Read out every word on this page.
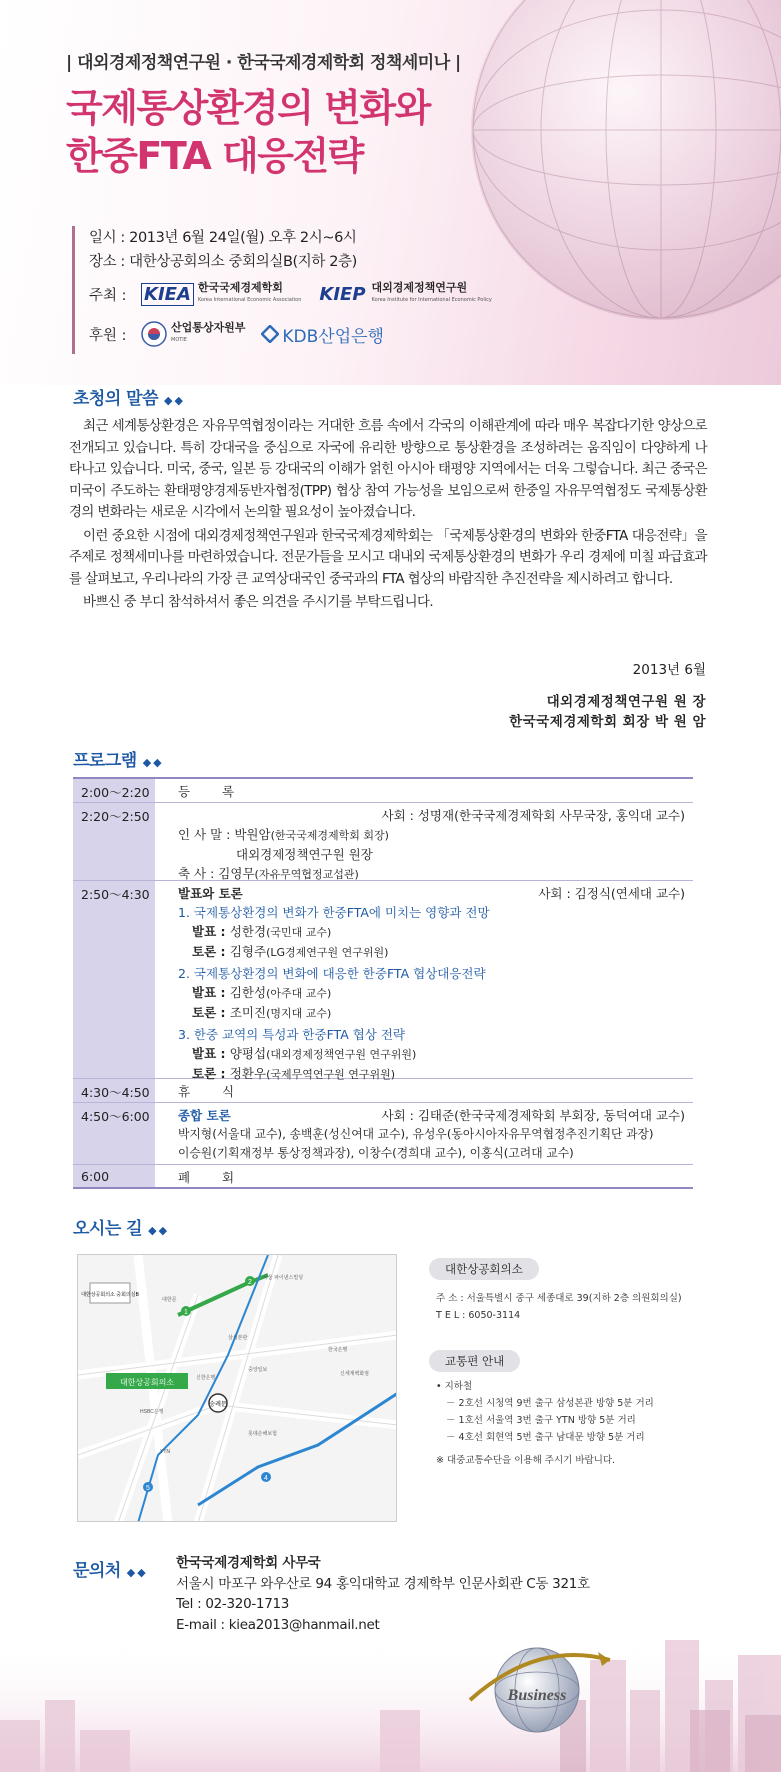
| 대외경제정책연구원 · 한국국제경제학회 정책세미나 |
국제통상환경의 변화와
한중FTA 대응전략
일시 : 2013년 6월 24일(월) 오후 2시~6시
장소 : 대한상공회의소 중회의실B(지하 2층)
주최 : KIEA 한국국제경제학회
Korea International Economic Association KIEP 대외경제정책연구원
Korea Institute for International Economic Policy
후원 :	산업통상자원부
MOTIE	KDB산업은행
초청의 말씀 ◆◆

최근 세계통상환경은 자유무역협정이라는 거대한 흐름 속에서 각국의 이해관계에 따라 매우 복잡다기한 양상으로 전개되고 있습니다. 특히 강대국을 중심으로 자국에 유리한 방향으로 통상환경을 조성하려는 움직임이 다양하게 나타나고 있습니다. 미국, 중국, 일본 등 강대국의 이해가 얽힌 아시아 태평양 지역에서는 더욱 그렇습니다. 최근 중국은 미국이 주도하는 환태평양경제동반자협정(TPP) 협상 참여 가능성을 보임으로써 한중일 자유무역협정도 국제통상환경의 변화라는 새로운 시각에서 논의할 필요성이 높아졌습니다.

이런 중요한 시점에 대외경제정책연구원과 한국국제경제학회는 「국제통상환경의 변화와 한중FTA 대응전략」을 주제로 정책세미나를 마련하였습니다. 전문가들을 모시고 대내외 국제통상환경의 변화가 우리 경제에 미칠 파급효과를 살펴보고, 우리나라의 가장 큰 교역상대국인 중국과의 FTA 협상의 바람직한 추진전략을 제시하려고 합니다.

바쁘신 중 부디 참석하셔서 좋은 의견을 주시기를 부탁드립니다.

2013년 6월
대외경제정책연구원 원 장
한국국제경제학회 회장 박 원 암
프로그램 ◆◆
2:00～2:20	등 록
2:20～2:50	사회 : 성명재(한국국제경제학회 사무국장, 홍익대 교수)
인 사 말 : 박원암(한국국제경제학회 회장)
대외경제정책연구원 원장
축 사 : 김영무(자유무역협정교섭관)
2:50～4:30	발표와 토론	사회 : 김정식(연세대 교수)
1. 국제통상환경의 변화가 한중FTA에 미치는 영향과 전망
발표 : 성한경(국민대 교수)
토론 : 김형주(LG경제연구원 연구위원)
2. 국제통상환경의 변화에 대응한 한중FTA 협상대응전략
발표 : 김한성(아주대 교수)
토론 : 조미진(명지대 교수)
3. 한중 교역의 특성과 한중FTA 협상 전략
발표 : 양평섭(대외경제정책연구원 연구위원)
토론 : 정환우(국제무역연구원 연구위원)
4:30～4:50	휴 식
4:50～6:00	종합 토론	사회 : 김태준(한국국제경제학회 부회장, 동덕여대 교수)
박지형(서울대 교수), 송백훈(성신여대 교수), 유성우(동아시아자유무역협정추진기획단 과장)
이승원(기획재정부 통상정책과장), 이창수(경희대 교수), 이홍식(고려대 교수)
6:00	폐 회
오시는 길 ◆◆
대한상공회의소
숭례문
2
1
4
5
대한상공회의소 중회의실B
서울 파이낸스빌딩
한국은행
신세계백화점
롯데손해보험
YTN
HSBC은행
대한문
삼성본관
신한은행
중앙일보
대한상공회의소
주 소 : 서울특별시 중구 세종대로 39(지하 2층 의원회의실)
T E L : 6050-3114
교통편 안내
• 지하철
－ 2호선 시청역 9번 출구 삼성본관 방향 5분 거리
－ 1호선 서울역 3번 출구 YTN 방향 5분 거리
－ 4호선 회현역 5번 출구 남대문 방향 5분 거리
※ 대중교통수단을 이용해 주시기 바랍니다.
문의처 ◆◆
한국국제경제학회 사무국
서울시 마포구 와우산로 94 홍익대학교 경제학부 인문사회관 C동 321호
Tel : 02-320-1713
E-mail : kiea2013@hanmail.net
Business
